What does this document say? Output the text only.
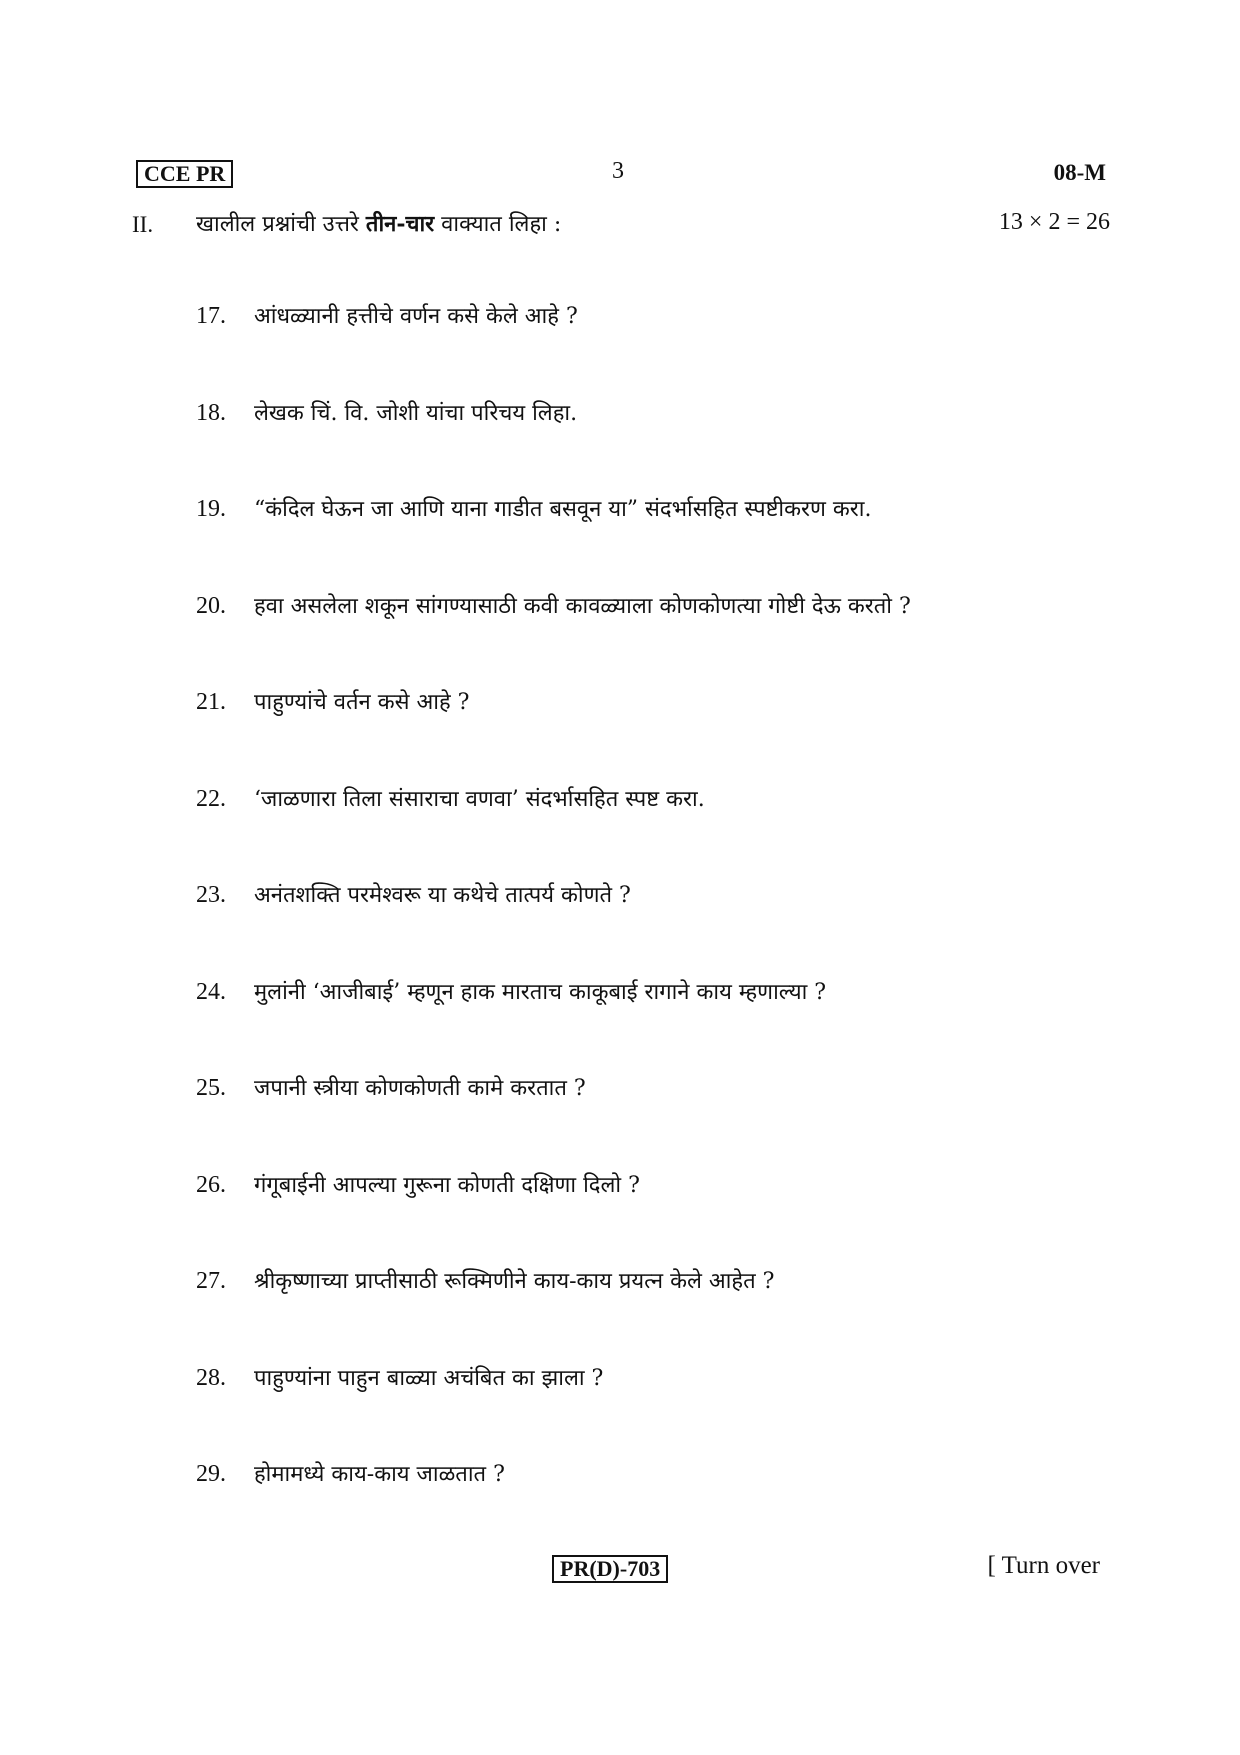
CCE PR	3	08-M
II. खालील प्रश्नांची उत्तरे तीन-चार वाक्यात लिहा :	13 × 2 = 26
17. आंधळ्यानी हत्तीचे वर्णन कसे केले आहे ?
18. लेखक चिं. वि. जोशी यांचा परिचय लिहा.
19. “कंदिल घेऊन जा आणि याना गाडीत बसवून या” संदर्भासहित स्पष्टीकरण करा.
20. हवा असलेला शकून सांगण्यासाठी कवी कावळ्याला कोणकोणत्या गोष्टी देऊ करतो ?
21. पाहुण्यांचे वर्तन कसे आहे ?
22. ‘जाळणारा तिला संसाराचा वणवा’ संदर्भासहित स्पष्ट करा.
23. अनंतशक्ति परमेश्वरू या कथेचे तात्पर्य कोणते ?
24. मुलांनी ‘आजीबाई’ म्हणून हाक मारताच काकूबाई रागाने काय म्हणाल्या ?
25. जपानी स्त्रीया कोणकोणती कामे करतात ?
26. गंगूबाईनी आपल्या गुरूना कोणती दक्षिणा दिलो ?
27. श्रीकृष्णाच्या प्राप्तीसाठी रूक्मिणीने काय-काय प्रयत्न केले आहेत ?
28. पाहुण्यांना पाहुन बाळ्या अचंबित का झाला ?
29. होमामध्ये काय-काय जाळतात ?
PR(D)-703	[ Turn over
